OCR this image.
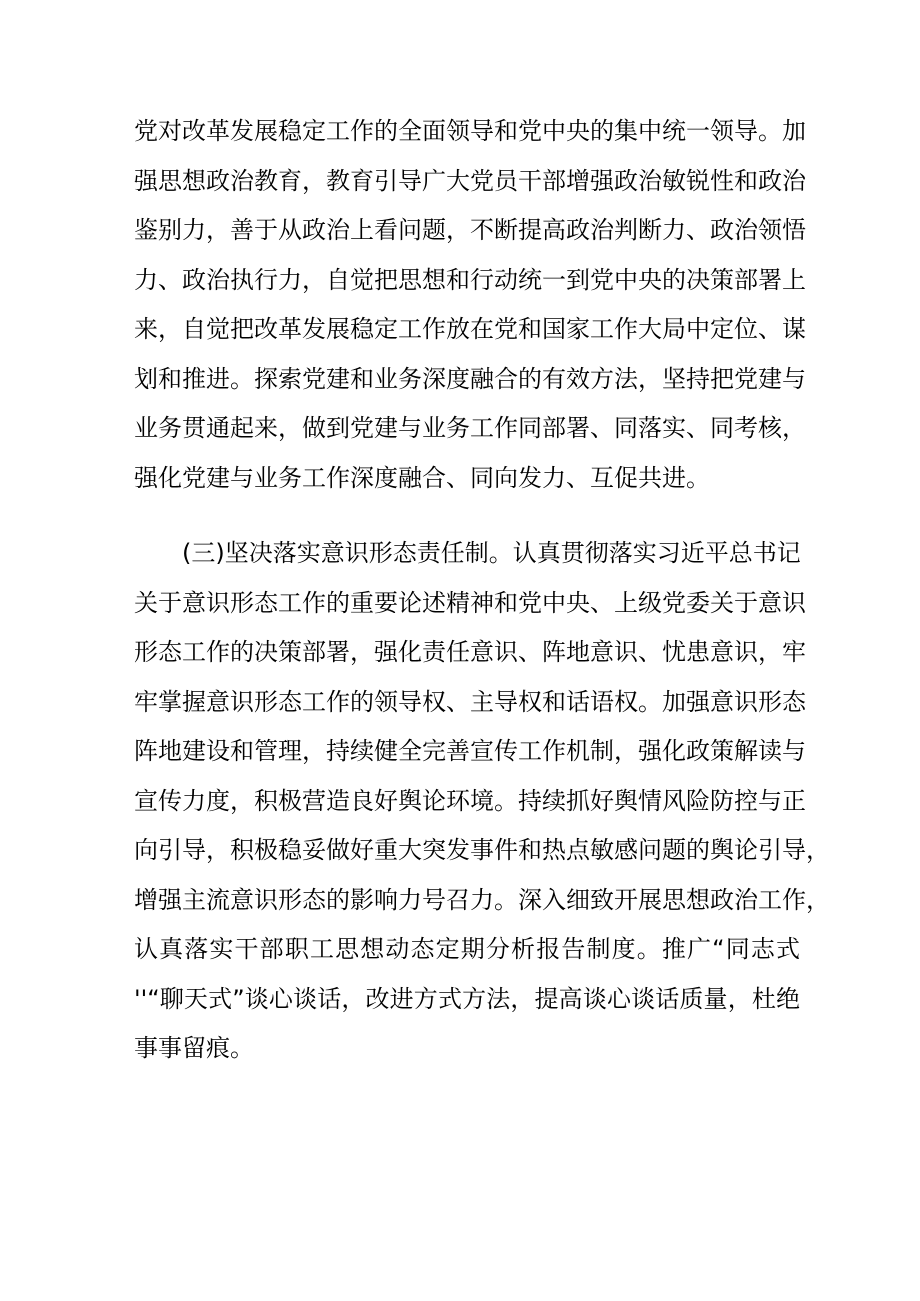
党对改革发展稳定工作的全面领导和党中央的集中统一领导。加
强思想政治教育，教育引导广大党员干部增强政治敏锐性和政治
鉴别力，善于从政治上看问题，不断提高政治判断力、政治领悟
力、政治执行力，自觉把思想和行动统一到党中央的决策部署上
来，自觉把改革发展稳定工作放在党和国家工作大局中定位、谋
划和推进。探索党建和业务深度融合的有效方法，坚持把党建与
业务贯通起来，做到党建与业务工作同部署、同落实、同考核，
强化党建与业务工作深度融合、同向发力、互促共进。
(三)坚决落实意识形态责任制。认真贯彻落实习近平总书记
关于意识形态工作的重要论述精神和党中央、上级党委关于意识
形态工作的决策部署，强化责任意识、阵地意识、忧患意识，牢
牢掌握意识形态工作的领导权、主导权和话语权。加强意识形态
阵地建设和管理，持续健全完善宣传工作机制，强化政策解读与
宣传力度，积极营造良好舆论环境。持续抓好舆情风险防控与正
向引导，积极稳妥做好重大突发事件和热点敏感问题的舆论引导，
增强主流意识形态的影响力号召力。深入细致开展思想政治工作，
认真落实干部职工思想动态定期分析报告制度。推广“同志式
''“聊天式”谈心谈话，改进方式方法，提高谈心谈话质量，杜绝
事事留痕。
